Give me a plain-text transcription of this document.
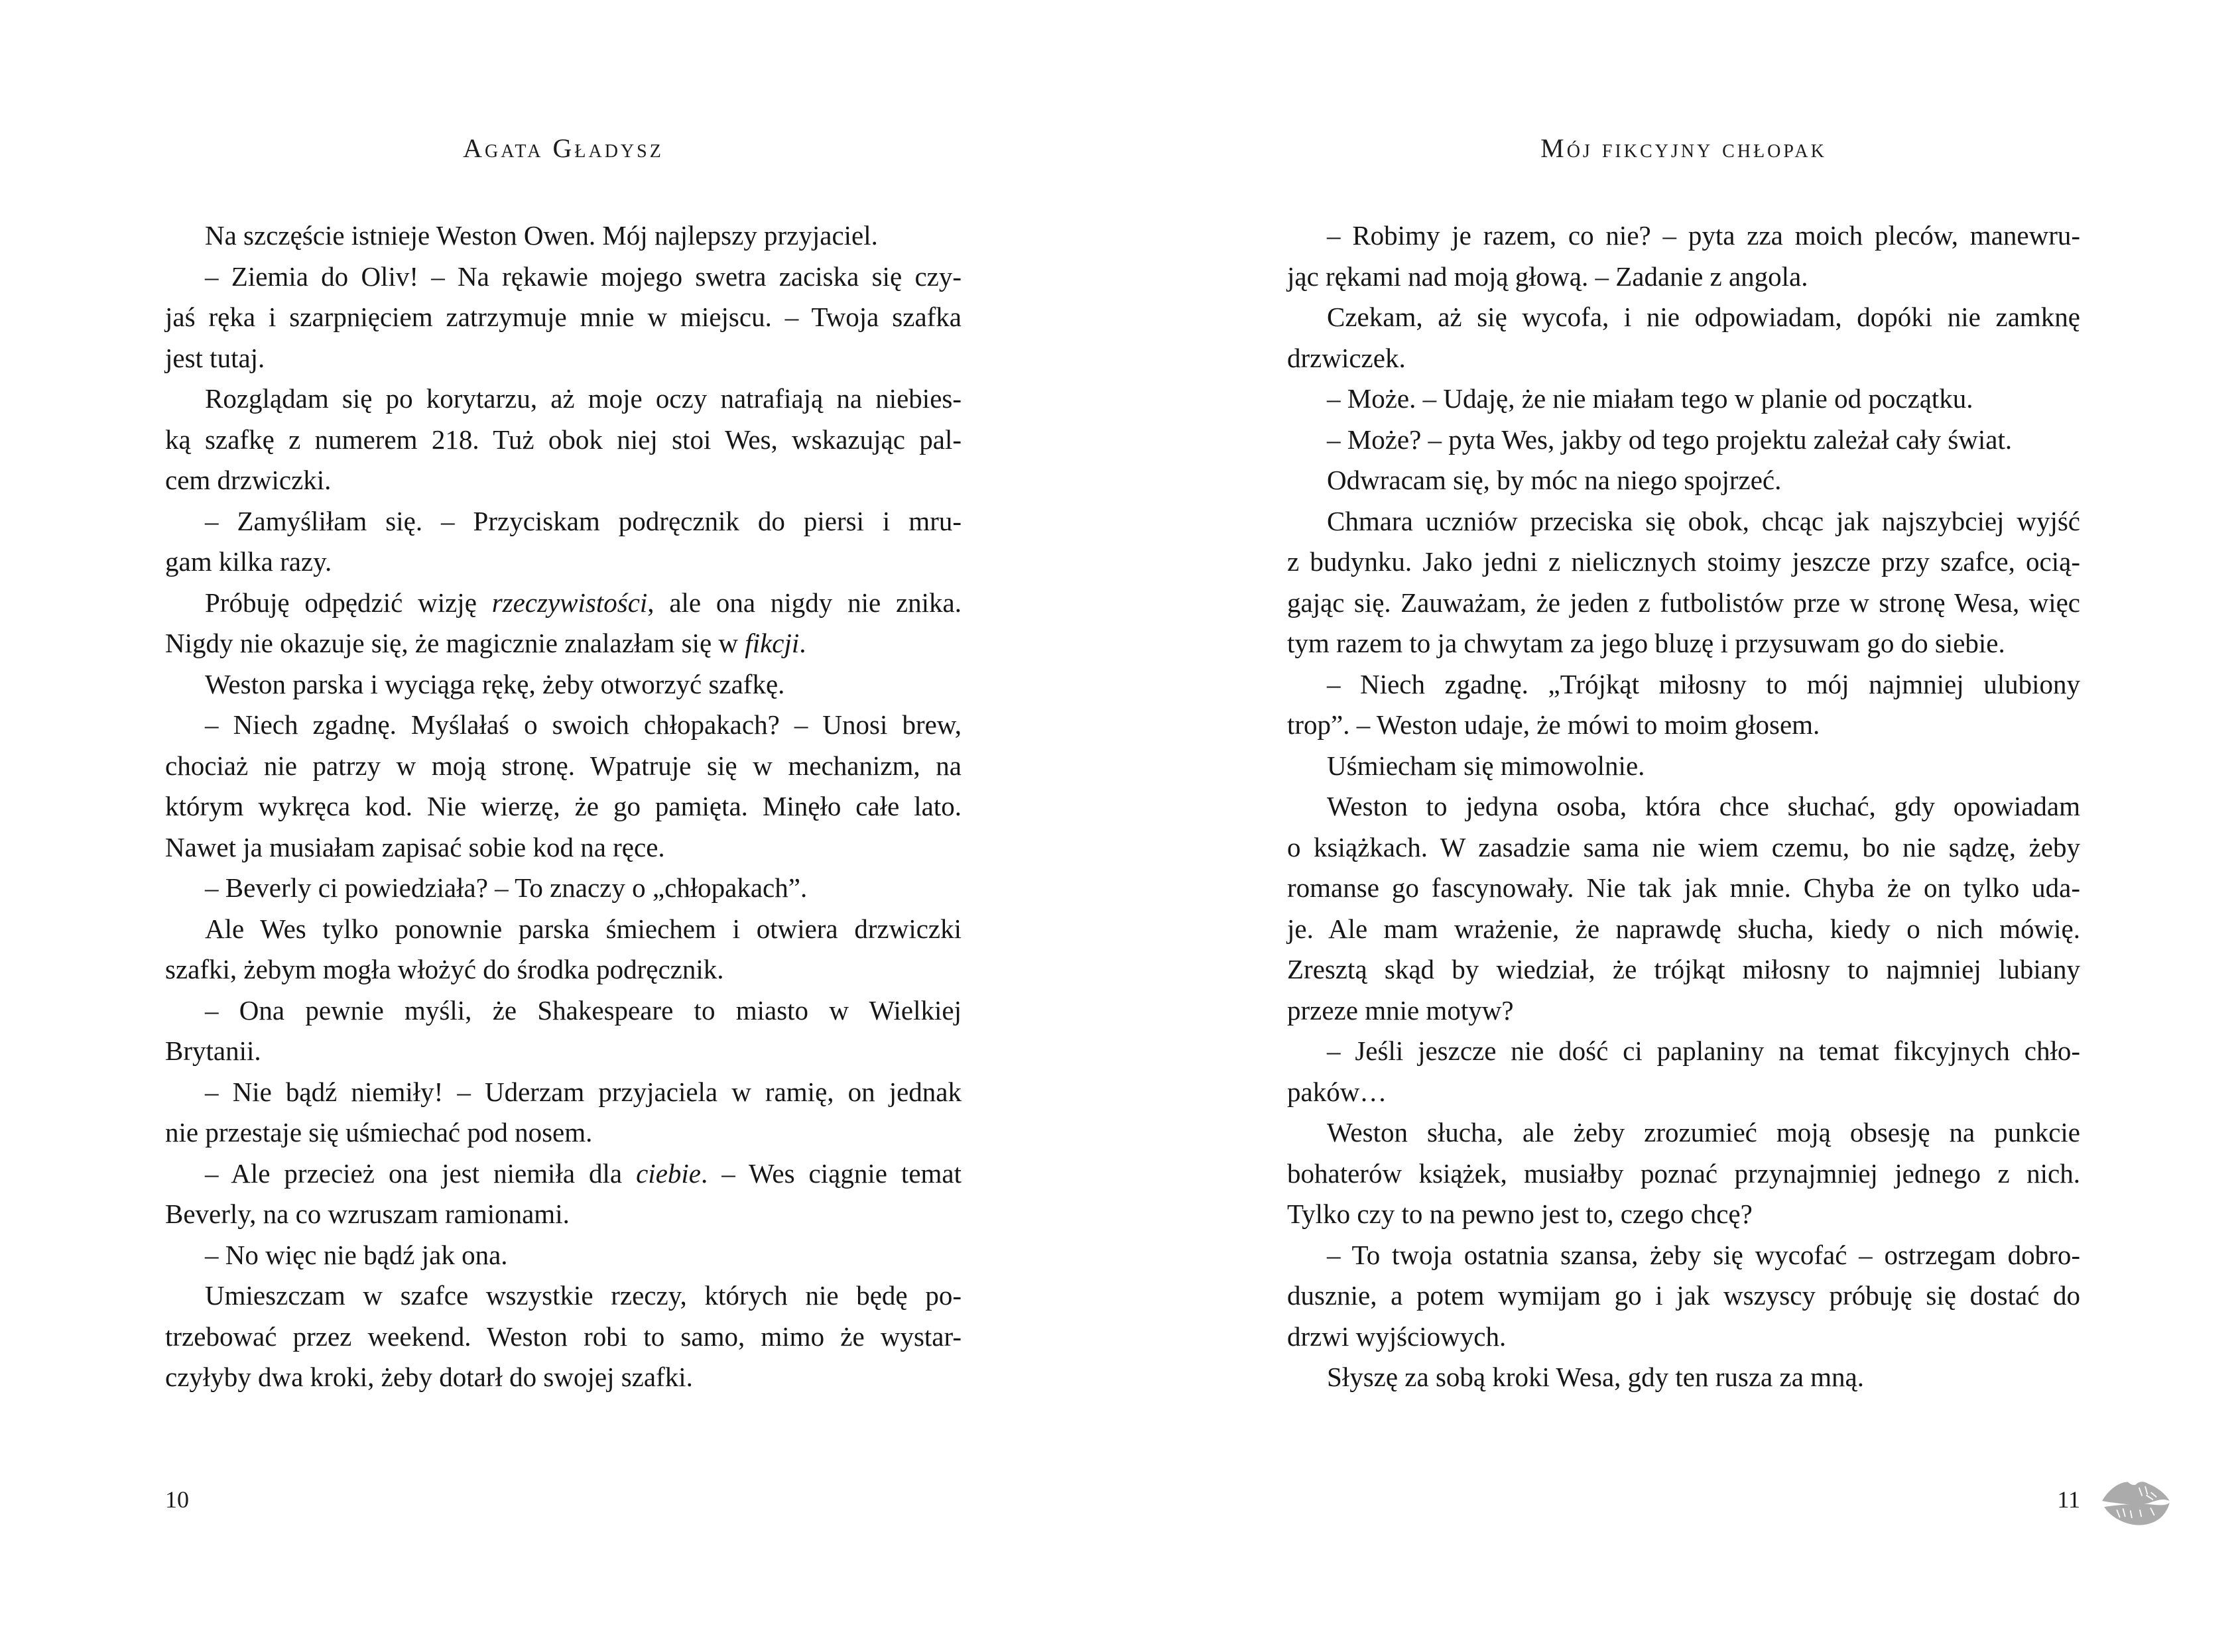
Agata Gładysz
Na szczęście istnieje Weston Owen. Mój najlepszy przyjaciel.
– Ziemia do Oliv! – Na rękawie mojego swetra zaciska się czy-
jaś ręka i szarpnięciem zatrzymuje mnie w miejscu. – Twoja szafka
jest tutaj.
Rozglądam się po korytarzu, aż moje oczy natrafiają na niebies-
ką szafkę z numerem 218. Tuż obok niej stoi Wes, wskazując pal-
cem drzwiczki.
– Zamyśliłam się. – Przyciskam podręcznik do piersi i mru-
gam kilka razy.
Próbuję odpędzić wizję rzeczywistości, ale ona nigdy nie znika.
Nigdy nie okazuje się, że magicznie znalazłam się w fikcji.
Weston parska i wyciąga rękę, żeby otworzyć szafkę.
– Niech zgadnę. Myślałaś o swoich chłopakach? – Unosi brew,
chociaż nie patrzy w moją stronę. Wpatruje się w mechanizm, na
którym wykręca kod. Nie wierzę, że go pamięta. Minęło całe lato.
Nawet ja musiałam zapisać sobie kod na ręce.
– Beverly ci powiedziała? – To znaczy o „chłopakach”.
Ale Wes tylko ponownie parska śmiechem i otwiera drzwiczki
szafki, żebym mogła włożyć do środka podręcznik.
– Ona pewnie myśli, że Shakespeare to miasto w Wielkiej
Brytanii.
– Nie bądź niemiły! – Uderzam przyjaciela w ramię, on jednak
nie przestaje się uśmiechać pod nosem.
– Ale przecież ona jest niemiła dla ciebie. – Wes ciągnie temat
Beverly, na co wzruszam ramionami.
– No więc nie bądź jak ona.
Umieszczam w szafce wszystkie rzeczy, których nie będę po-
trzebować przez weekend. Weston robi to samo, mimo że wystar-
czyłyby dwa kroki, żeby dotarł do swojej szafki.
10
Mój fikcyjny chłopak
– Robimy je razem, co nie? – pyta zza moich pleców, manewru-
jąc rękami nad moją głową. – Zadanie z angola.
Czekam, aż się wycofa, i nie odpowiadam, dopóki nie zamknę
drzwiczek.
– Może. – Udaję, że nie miałam tego w planie od początku.
– Może? – pyta Wes, jakby od tego projektu zależał cały świat.
Odwracam się, by móc na niego spojrzeć.
Chmara uczniów przeciska się obok, chcąc jak najszybciej wyjść
z budynku. Jako jedni z nielicznych stoimy jeszcze przy szafce, ocią-
gając się. Zauważam, że jeden z futbolistów prze w stronę Wesa, więc
tym razem to ja chwytam za jego bluzę i przysuwam go do siebie.
– Niech zgadnę. „Trójkąt miłosny to mój najmniej ulubiony
trop”. – Weston udaje, że mówi to moim głosem.
Uśmiecham się mimowolnie.
Weston to jedyna osoba, która chce słuchać, gdy opowiadam
o książkach. W zasadzie sama nie wiem czemu, bo nie sądzę, żeby
romanse go fascynowały. Nie tak jak mnie. Chyba że on tylko uda-
je. Ale mam wrażenie, że naprawdę słucha, kiedy o nich mówię.
Zresztą skąd by wiedział, że trójkąt miłosny to najmniej lubiany
przeze mnie motyw?
– Jeśli jeszcze nie dość ci paplaniny na temat fikcyjnych chło-
paków…
Weston słucha, ale żeby zrozumieć moją obsesję na punkcie
bohaterów książek, musiałby poznać przynajmniej jednego z nich.
Tylko czy to na pewno jest to, czego chcę?
– To twoja ostatnia szansa, żeby się wycofać – ostrzegam dobro-
dusznie, a potem wymijam go i jak wszyscy próbuję się dostać do
drzwi wyjściowych.
Słyszę za sobą kroki Wesa, gdy ten rusza za mną.
11
